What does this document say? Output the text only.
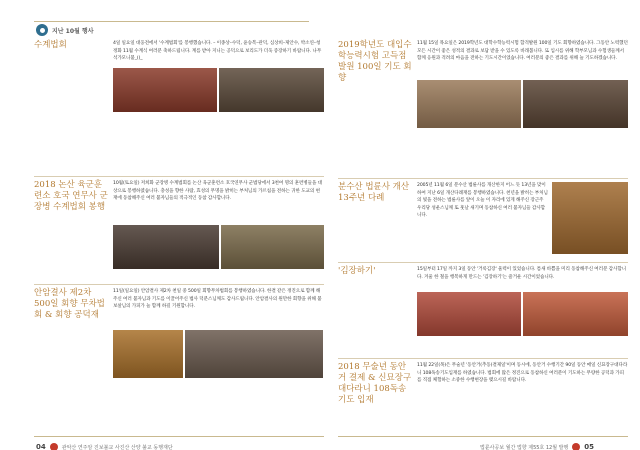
지난 10월 행사
수계법회	4일 일요일 대웅전에서 '수계법회'를 봉행했습니다. – 이종상–수덕, 윤승복–관덕, 심상희–제안수, 박소연–청정화 11월 수계식 여러분 축하드립니다. 계를 받아 지니는 공덕으로 보리도가 더욱 증장하기 바랍니다. 나무석가모니불_()_
2018 논산 육군훈련소 호국 연무사 군장병 수계법회 봉행
10월(토요일) 저희화 군장병 수계법회를 논산 육군훈련소 호국연무사 군법당에서 3천여 명의 훈련병들을 대상으로 봉행하였습니다. 충성을 향한 사람, 효성의 무명을 밝히는 부처님의 가르침을 전하는 귀한 도교의 현재에 동참해주신 여러 불자님들의 적극적인 동참 감사합니다.
안암결사 제2차 500일 회향 무차법회 & 회향 공덕재
11일(일요일) 안암결사 제2차 천일 중 500일 회향무차법회를 봉행하였습니다. 한결 같은 정진으로 함께 해주신 여러 불자님과 기도를 이끌어주신 법사 덕분스님께도 감사드립니다. 안암결사의 원만한 회향을 위해 불보살님의 가피가 늘 함께 하길 기원합니다.
04	관악산 연주암 진보불교 사진산 산양 불교 동행재단
2019학년도 대입수학능력시험 고득점 발원 100일 기도 회향
11월 15일 목요일은 2019학년도 대학수학능력시험 합격발원 100일 기도 회향하였습니다. 그동안 노력했던 모든 시간이 좋은 성적의 결과로 보답 받을 수 있도록 바래봅니다. 또 입시를 위해 학부모님과 수험생들께서 함께 응원과 격려의 마음을 전하는 기도시간이었습니다. 여러분의 좋은 결과를 위해 늘 기도하겠습니다.
분수산 법륜사 개산 13주년 다례
2005년 11월 6일 분수산 법륜사를 개산한지 어느 듯 13년을 맞이하여 지난 6일 개산다례재를 봉행하였습니다. 천년을 밝히는 부처님의 빛을 전하는 법륜사를 앞이 오늘 이 자리에 있게 해주신 장근주 우리당 성운스님께 또 훗날 새기며 동참하신 여러 불자님들 감사합니다.
'김장하기'	15일부터 17일 까지 3일 동안 '거룩김장' 울력이 있었습니다. 틈새 바쁨을 미리 동참해주신 여러분 감사합니다. 겨울 한 철을 행복하게 만드는 '김장하기'는 즐거운 시간이었습니다.
2018 무술년 동안거 결제 & 신묘장구대다라니 108독송 기도 입재
11월 22일(목)은 무술년 '동안거(추동)결제일'이며 동시에, 동안거 수행기간 90일 동안 매일 신묘장구대다라니 108독송기도입재를 하였습니다. 법회에 많은 정진으로 동참하신 여러분이 기도하는 무량한 공덕과 가피를 직접 체험하는 소중한 수행현장을 맺으시길 바랍니다.
법륜사공보 월간 법향 제55호 12월 발행 05
